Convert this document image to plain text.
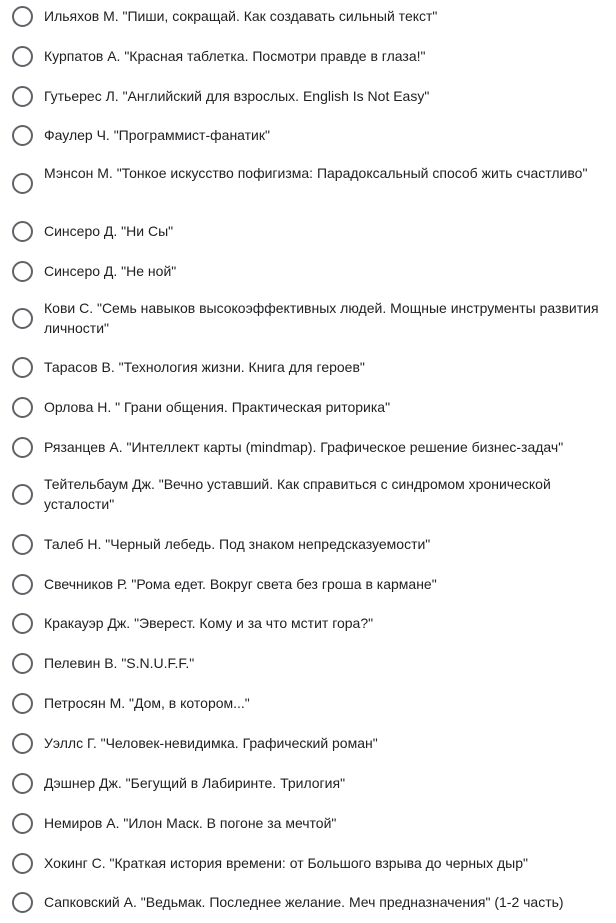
Ильяхов М. "Пиши, сокращай. Как создавать сильный текст"
Курпатов А. "Красная таблетка. Посмотри правде в глаза!"
Гутьерес Л. "Английский для взрослых. English Is Not Easy"
Фаулер Ч. "Программист-фанатик"
Мэнсон М. "Тонкое искусство пофигизма: Парадоксальный способ жить счастливо"
Синсеро Д. "Ни Сы"
Синсеро Д. "Не ной"
Кови С. "Семь навыков высокоэффективных людей. Мощные инструменты развития личности"
Тарасов В. "Технология жизни. Книга для героев"
Орлова Н. " Грани общения. Практическая риторика"
Рязанцев А. "Интеллект карты (mindmap). Графическое решение бизнес-задач"
Тейтельбаум Дж. "Вечно уставший. Как справиться с синдромом хронической усталости"
Талеб Н. "Черный лебедь. Под знаком непредсказуемости"
Свечников Р. "Рома едет. Вокруг света без гроша в кармане"
Кракауэр Дж. "Эверест. Кому и за что мстит гора?"
Пелевин В. "S.N.U.F.F."
Петросян М. "Дом, в котором..."
Уэллс Г. "Человек-невидимка. Графический роман"
Дэшнер Дж. "Бегущий в Лабиринте. Трилогия"
Немиров А. "Илон Маск. В погоне за мечтой"
Хокинг С. "Краткая история времени: от Большого взрыва до черных дыр"
Сапковский А. "Ведьмак. Последнее желание. Меч предназначения" (1-2 часть)
